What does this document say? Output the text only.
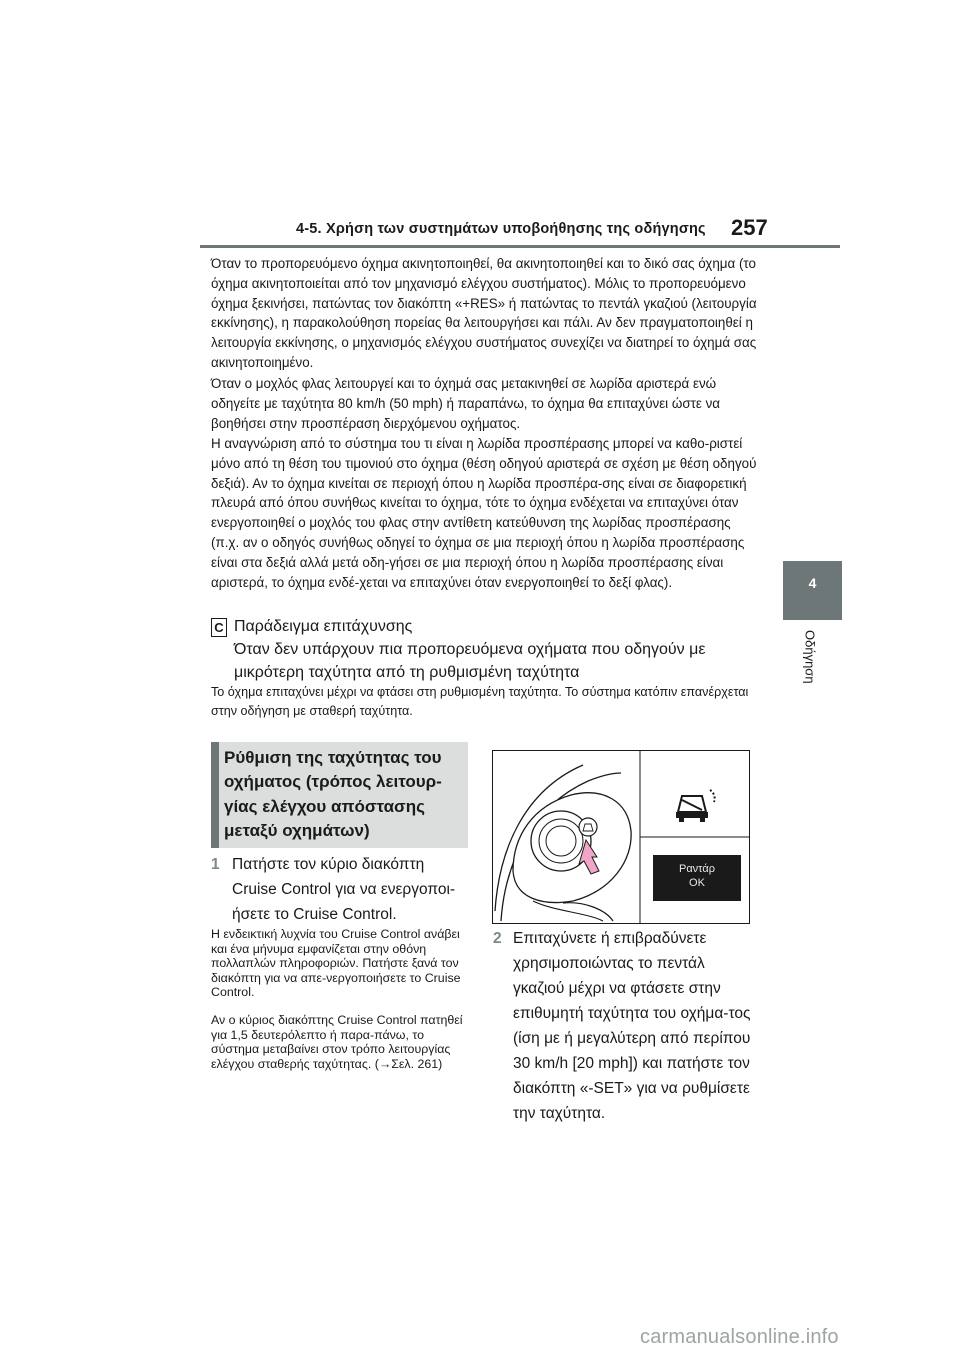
4-5. Χρήση των συστημάτων υποβοήθησης της οδήγησης 257
4
Οδήγηση

Όταν το προπορευόμενο όχημα ακινητοποιηθεί, θα ακινητοποιηθεί και το δικό σας όχημα (το όχημα ακινητοποιείται από τον μηχανισμό ελέγχου συστήματος). Μόλις το προπορευόμενο όχημα ξεκινήσει, πατώντας τον διακόπτη «+RES» ή πατώντας το πεντάλ γκαζιού (λειτουργία εκκίνησης), η παρακολούθηση πορείας θα λειτουργήσει και πάλι. Αν δεν πραγματοποιηθεί η λειτουργία εκκίνησης, ο μηχανισμός ελέγχου συστήματος συνεχίζει να διατηρεί το όχημά σας ακινητοποιημένο.

Όταν ο μοχλός φλας λειτουργεί και το όχημά σας μετακινηθεί σε λωρίδα αριστερά ενώ οδηγείτε με ταχύτητα 80 km/h (50 mph) ή παραπάνω, το όχημα θα επιταχύνει ώστε να βοηθήσει στην προσπέραση διερχόμενου οχήματος.

Η αναγνώριση από το σύστημα του τι είναι η λωρίδα προσπέρασης μπορεί να καθο-ριστεί μόνο από τη θέση του τιμονιού στο όχημα (θέση οδηγού αριστερά σε σχέση με θέση οδηγού δεξιά). Αν το όχημα κινείται σε περιοχή όπου η λωρίδα προσπέρα-σης είναι σε διαφορετική πλευρά από όπου συνήθως κινείται το όχημα, τότε το όχημα ενδέχεται να επιταχύνει όταν ενεργοποιηθεί ο μοχλός του φλας στην αντίθετη κατεύθυνση της λωρίδας προσπέρασης (π.χ. αν ο οδηγός συνήθως οδηγεί το όχημα σε μια περιοχή όπου η λωρίδα προσπέρασης είναι στα δεξιά αλλά μετά οδη-γήσει σε μια περιοχή όπου η λωρίδα προσπέρασης είναι αριστερά, το όχημα ενδέ-χεται να επιταχύνει όταν ενεργοποιηθεί το δεξί φλας).

C Παράδειγμα επιτάχυνσης
Όταν δεν υπάρχουν πια προπορευόμενα οχήματα που οδηγούν με μικρότερη ταχύτητα από τη ρυθμισμένη ταχύτητα

Το όχημα επιταχύνει μέχρι να φτάσει στη ρυθμισμένη ταχύτητα. Το σύστημα κατόπιν επανέρχεται στην οδήγηση με σταθερή ταχύτητα.

Ρύθμιση της ταχύτητας του οχήματος (τρόπος λειτουρ-γίας ελέγχου απόστασης μεταξύ οχημάτων)
1 Πατήστε τον κύριο διακόπτη Cruise Control για να ενεργοποι-ήσετε το Cruise Control.

Η ενδεικτική λυχνία του Cruise Control ανάβει και ένα μήνυμα εμφανίζεται στην οθόνη πολλαπλών πληροφοριών. Πατήστε ξανά τον διακόπτη για να απε-νεργοποιήσετε το Cruise Control.

Αν ο κύριος διακόπτης Cruise Control πατηθεί για 1,5 δευτερόλεπτο ή παρα-πάνω, το σύστημα μεταβαίνει στον τρόπο λειτουργίας ελέγχου σταθερής ταχύτητας. (→Σελ. 261)

Ραντάρ
OK
2 Επιταχύνετε ή επιβραδύνετε χρησιμοποιώντας το πεντάλ γκαζιού μέχρι να φτάσετε στην επιθυμητή ταχύτητα του οχήμα-τος (ίση με ή μεγαλύτερη από περίπου 30 km/h [20 mph]) και πατήστε τον διακόπτη «-SET» για να ρυθμίσετε την ταχύτητα.

carmanualsonline.info
